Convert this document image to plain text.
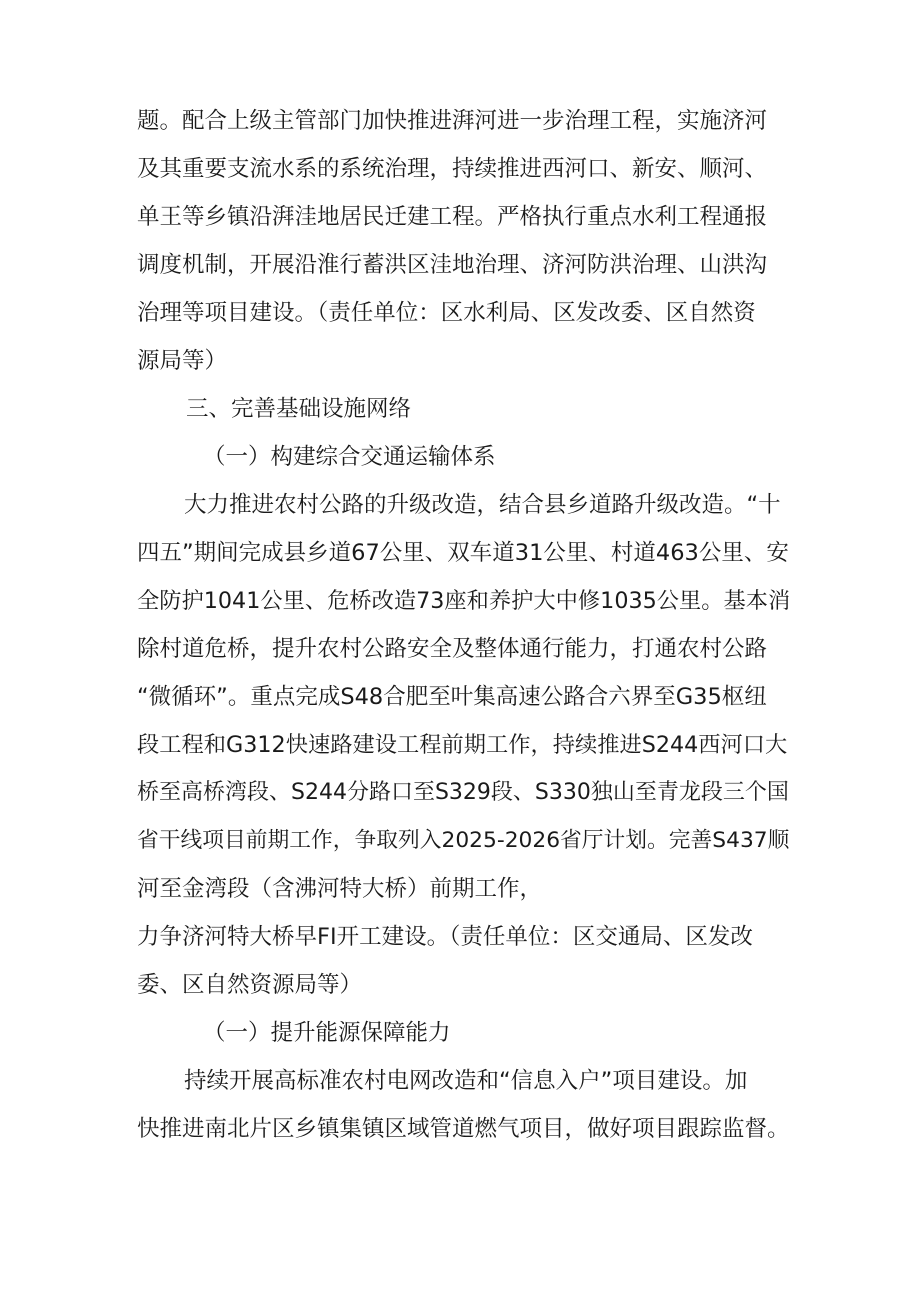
题。配合上级主管部门加快推进湃河进一步治理工程，实施济河

及其重要支流水系的系统治理，持续推进西河口、新安、顺河、

单王等乡镇沿湃洼地居民迁建工程。严格执行重点水利工程通报

调度机制，开展沿淮行蓄洪区洼地治理、济河防洪治理、山洪沟

治理等项目建设。（责任单位：区水利局、区发改委、区自然资

源局等）

三、完善基础设施网络

（一）构建综合交通运输体系

大力推进农村公路的升级改造，结合县乡道路升级改造。“十

四五”期间完成县乡道67公里、双车道31公里、村道463公里、安

全防护1041公里、危桥改造73座和养护大中修1035公里。基本消

除村道危桥，提升农村公路安全及整体通行能力，打通农村公路

“微循环”。重点完成S48合肥至叶集高速公路合六界至G35枢纽

段工程和G312快速路建设工程前期工作，持续推进S244西河口大

桥至高桥湾段、S244分路口至S329段、S330独山至青龙段三个国

省干线项目前期工作，争取列入2025-2026省厅计划。完善S437顺

河至金湾段（含沸河特大桥）前期工作，

力争济河特大桥早FI开工建设。（责任单位：区交通局、区发改

委、区自然资源局等）

（一）提升能源保障能力

持续开展高标准农村电网改造和“信息入户”项目建设。加

快推进南北片区乡镇集镇区域管道燃气项目，做好项目跟踪监督。
